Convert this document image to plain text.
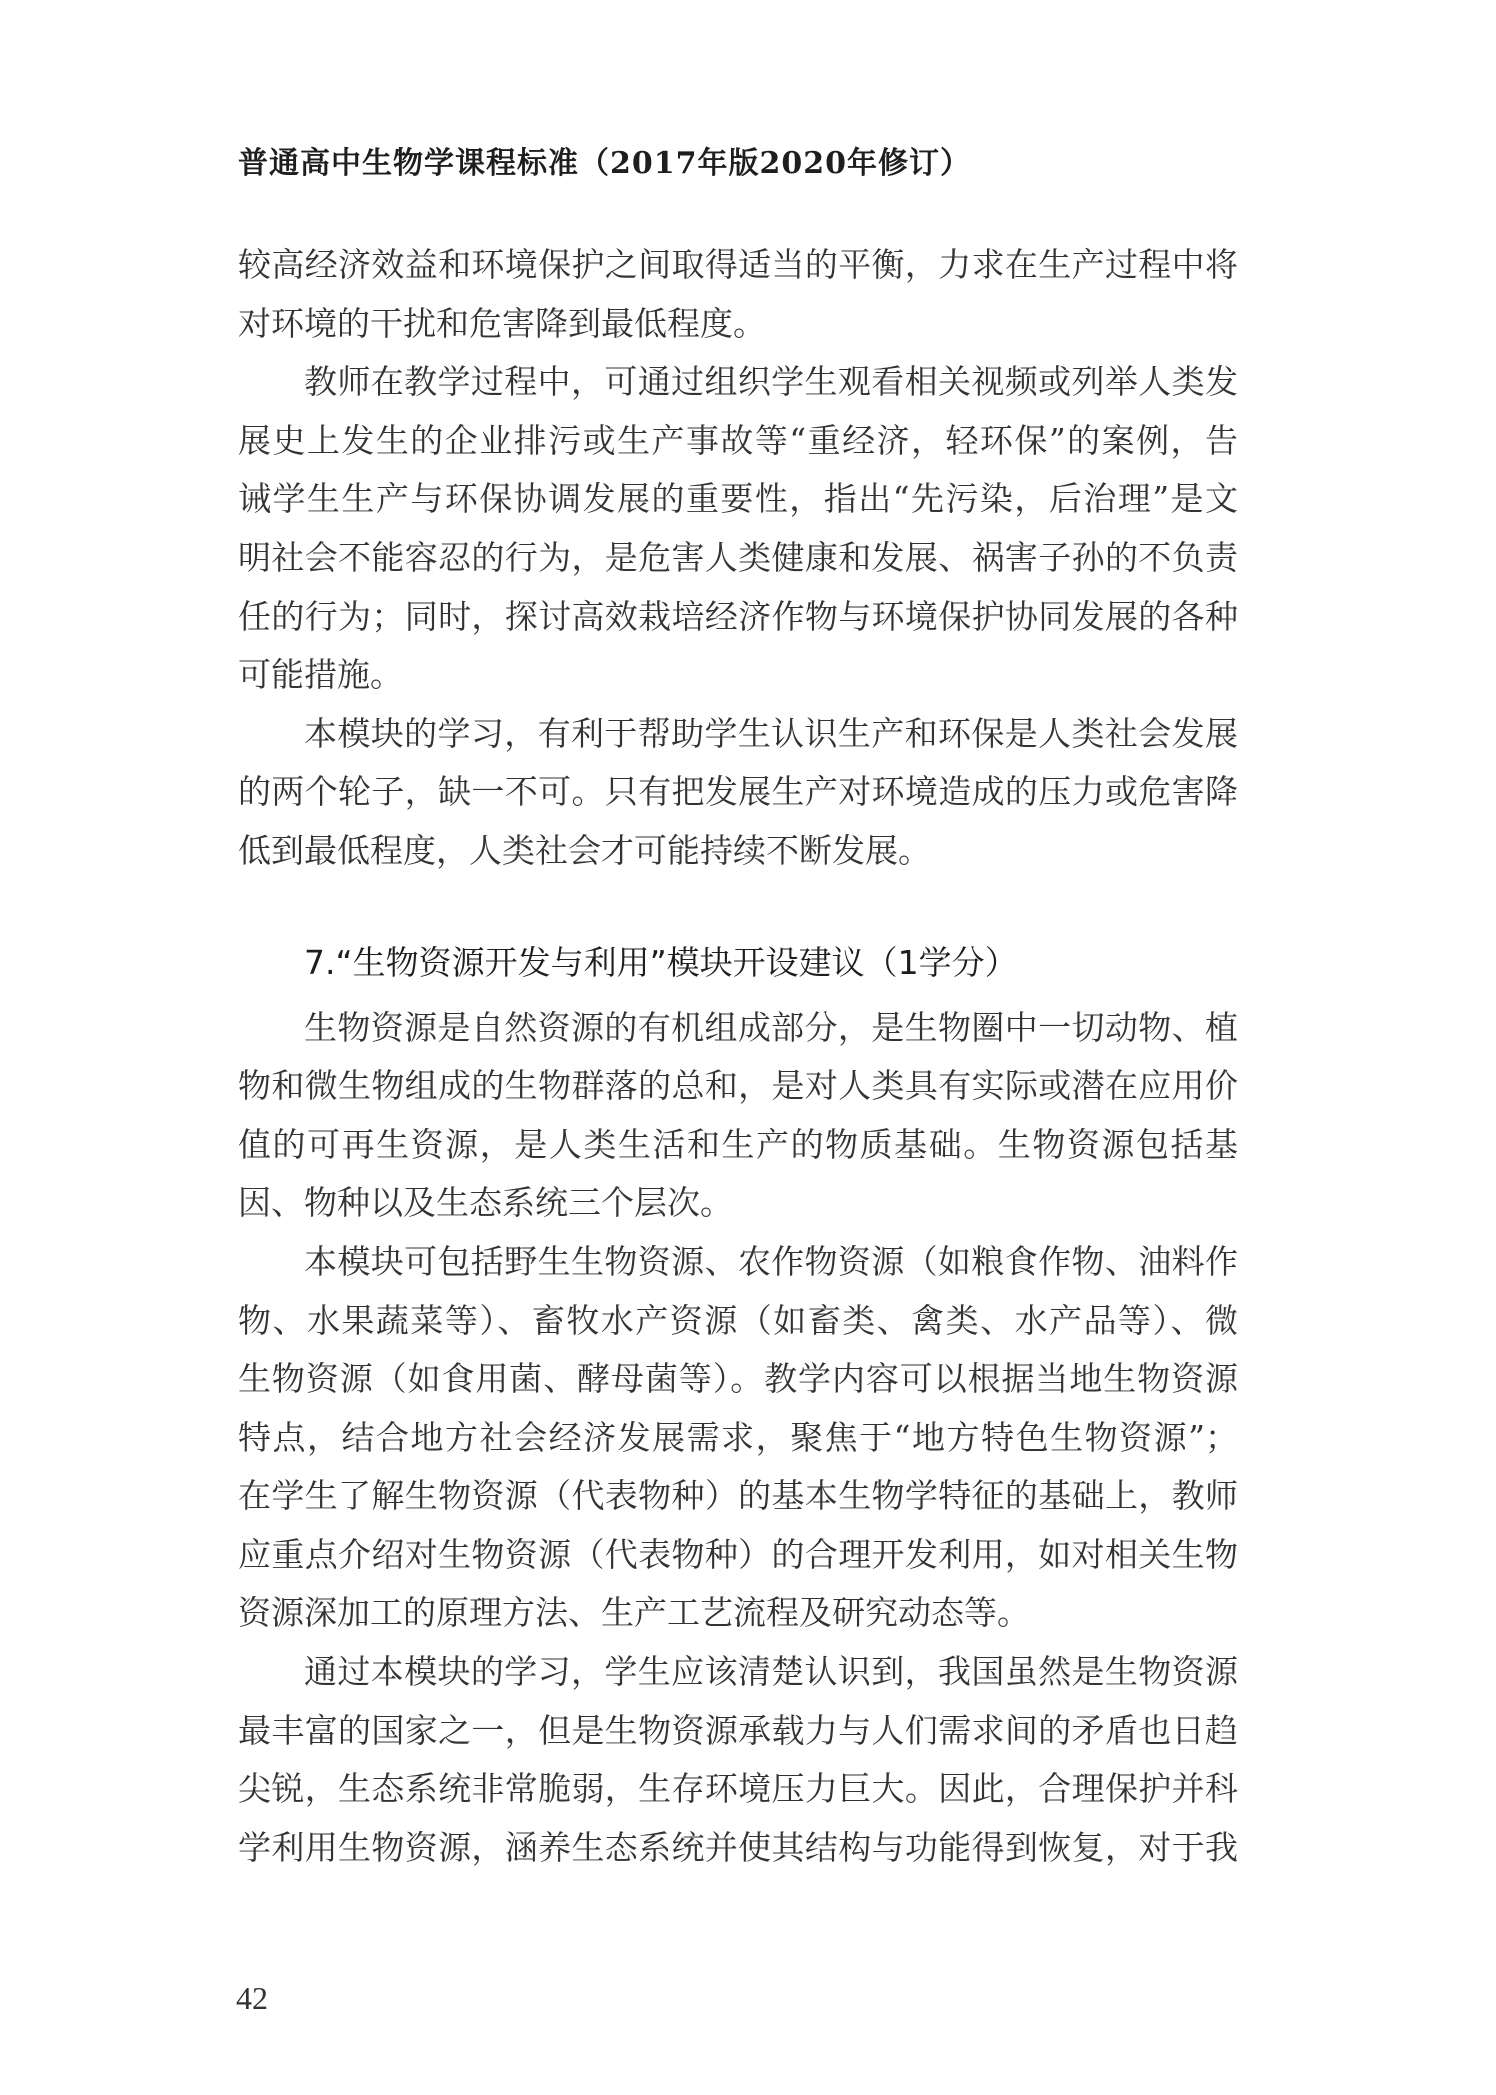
普通高中生物学课程标准（2017年版2020年修订）
较高经济效益和环境保护之间取得适当的平衡，力求在生产过程中将
对环境的干扰和危害降到最低程度。
教师在教学过程中，可通过组织学生观看相关视频或列举人类发
展史上发生的企业排污或生产事故等“重经济，轻环保”的案例，告
诫学生生产与环保协调发展的重要性，指出“先污染，后治理”是文
明社会不能容忍的行为，是危害人类健康和发展、祸害子孙的不负责
任的行为；同时，探讨高效栽培经济作物与环境保护协同发展的各种
可能措施。
本模块的学习，有利于帮助学生认识生产和环保是人类社会发展
的两个轮子，缺一不可。只有把发展生产对环境造成的压力或危害降
低到最低程度，人类社会才可能持续不断发展。
7.“生物资源开发与利用”模块开设建议（1学分）
生物资源是自然资源的有机组成部分，是生物圈中一切动物、植
物和微生物组成的生物群落的总和，是对人类具有实际或潜在应用价
值的可再生资源，是人类生活和生产的物质基础。生物资源包括基
因、物种以及生态系统三个层次。
本模块可包括野生生物资源、农作物资源（如粮食作物、油料作
物、水果蔬菜等）、畜牧水产资源（如畜类、禽类、水产品等）、微
生物资源（如食用菌、酵母菌等）。教学内容可以根据当地生物资源
特点，结合地方社会经济发展需求，聚焦于“地方特色生物资源”；
在学生了解生物资源（代表物种）的基本生物学特征的基础上，教师
应重点介绍对生物资源（代表物种）的合理开发利用，如对相关生物
资源深加工的原理方法、生产工艺流程及研究动态等。
通过本模块的学习，学生应该清楚认识到，我国虽然是生物资源
最丰富的国家之一，但是生物资源承载力与人们需求间的矛盾也日趋
尖锐，生态系统非常脆弱，生存环境压力巨大。因此，合理保护并科
学利用生物资源，涵养生态系统并使其结构与功能得到恢复，对于我
42
